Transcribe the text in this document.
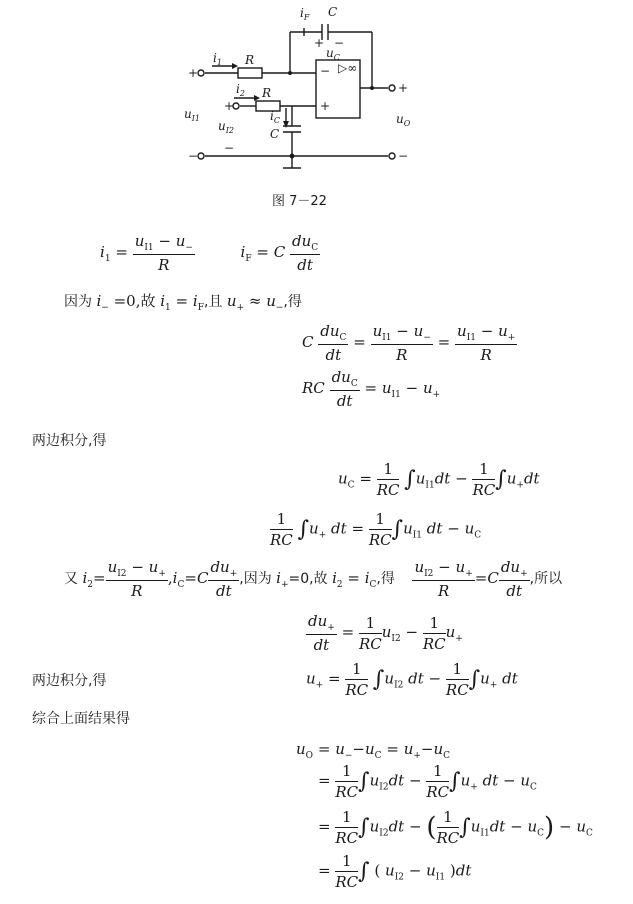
$i_F$ C
+ −
$u_C$
$i_1$ R
$i_2$ R
$i_C$
C
$u_{I1}$
$u_{I2}$
$u_O$
−
+
▷∞
+
+
−
−
+
−
图 7－22
$i_1 = \frac{u_{I1} - u_-}{R}$	$i_F = C \frac{du_C}{dt}$
因为 $i_- =0$,故 $i_1 = i_F$,且 $u_+ \approx u_-$,得
C $\frac{du_C}{dt} = \frac{u_{I1} - u_-}{R} = \frac{u_{I1} - u_+}{R}$
RC $\frac{du_C}{dt} = u_{I1} - u_+$
两边积分,得
$u_C = \frac{1}{RC} \int u_{I1}dt - \frac{1}{RC} \int u_+dt$
$\frac{1}{RC} \int u_+$ dt = $\frac{1}{RC} \int u_{I1}$ dt − $u_C$
又 $i_2= \frac{u_{I2} - u_+}{R} ,i_C=C \frac{du_+}{dt}$ ,因为 $i_+=0$,故 $i_2 = i_C$,得 $\frac{u_{I2} - u_+}{R} =C \frac{du_+}{dt}$ ,所以
$\frac{du_+}{dt} = \frac{1}{RC} u_{I2} - \frac{1}{RC} u_+$
两边积分,得	$u_+ = \frac{1}{RC} \int u_{I2}$ dt − $\frac{1}{RC} \int u_+$ dt
综合上面结果得
$u_O = u_--u_C = u_+-u_C$
= $\frac{1}{RC} \int u_{I2}dt - \frac{1}{RC} \int u_+$ dt − $u_C$
= $\frac{1}{RC} \int u_{I2}dt$ − ( $\frac{1}{RC} \int u_{I1}dt - u_C) - u_C$
= $\frac{1}{RC}$ ∫ ( $u_{I2} - u_{I1}$ )dt
